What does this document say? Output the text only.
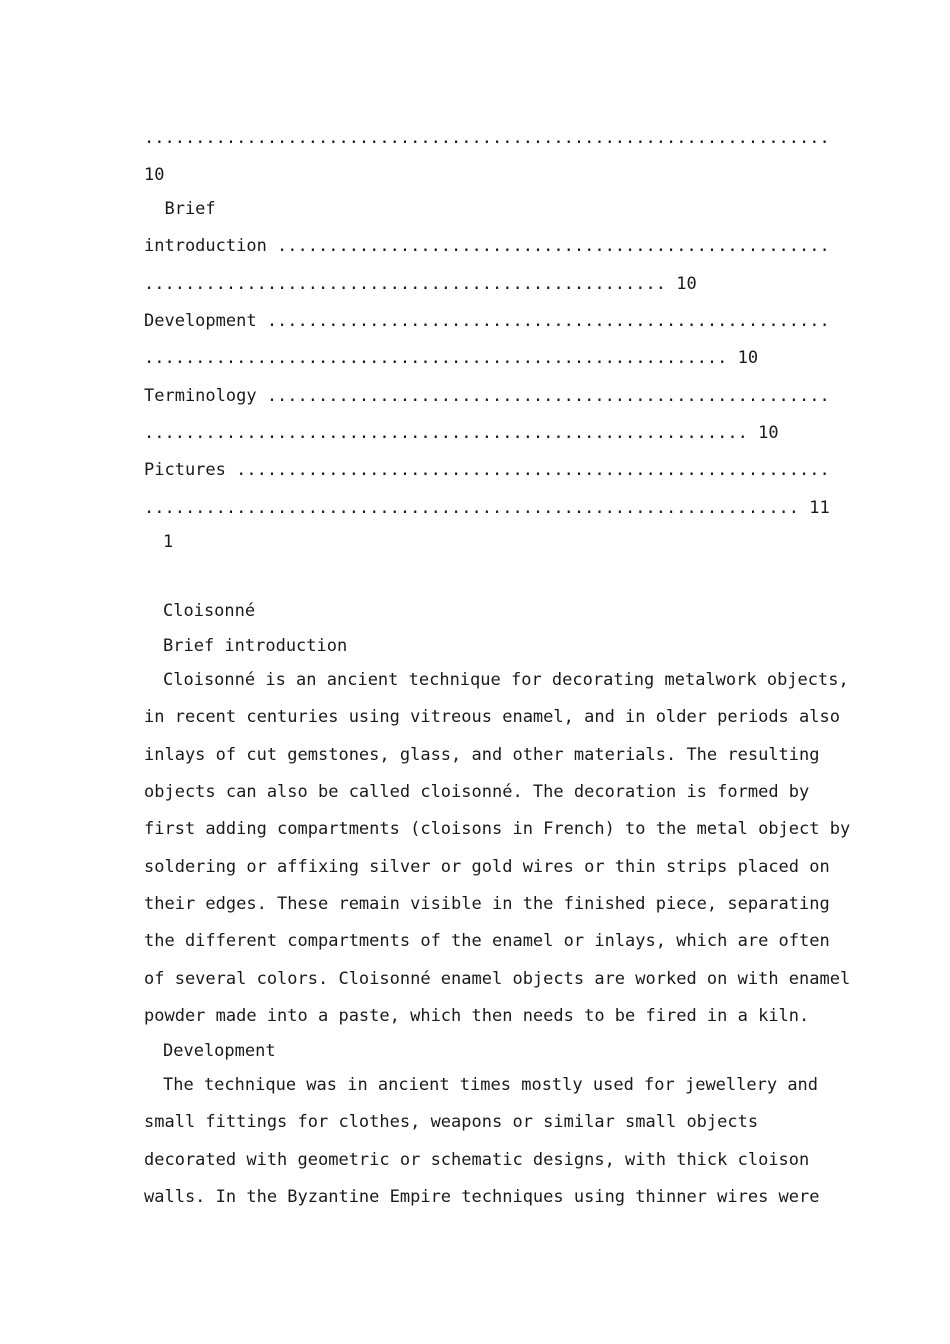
...................................................................
10
Brief
introduction ......................................................
................................................... 10
Development .......................................................
......................................................... 10
Terminology .......................................................
........................................................... 10
Pictures ..........................................................
................................................................ 11
1
Cloisonné
Brief introduction
Cloisonné is an ancient technique for decorating metalwork objects,
in recent centuries using vitreous enamel, and in older periods also
inlays of cut gemstones, glass, and other materials. The resulting
objects can also be called cloisonné. The decoration is formed by
first adding compartments (cloisons in French) to the metal object by
soldering or affixing silver or gold wires or thin strips placed on
their edges. These remain visible in the finished piece, separating
the different compartments of the enamel or inlays, which are often
of several colors. Cloisonné enamel objects are worked on with enamel
powder made into a paste, which then needs to be fired in a kiln.
Development
The technique was in ancient times mostly used for jewellery and
small fittings for clothes, weapons or similar small objects
decorated with geometric or schematic designs, with thick cloison
walls. In the Byzantine Empire techniques using thinner wires were
